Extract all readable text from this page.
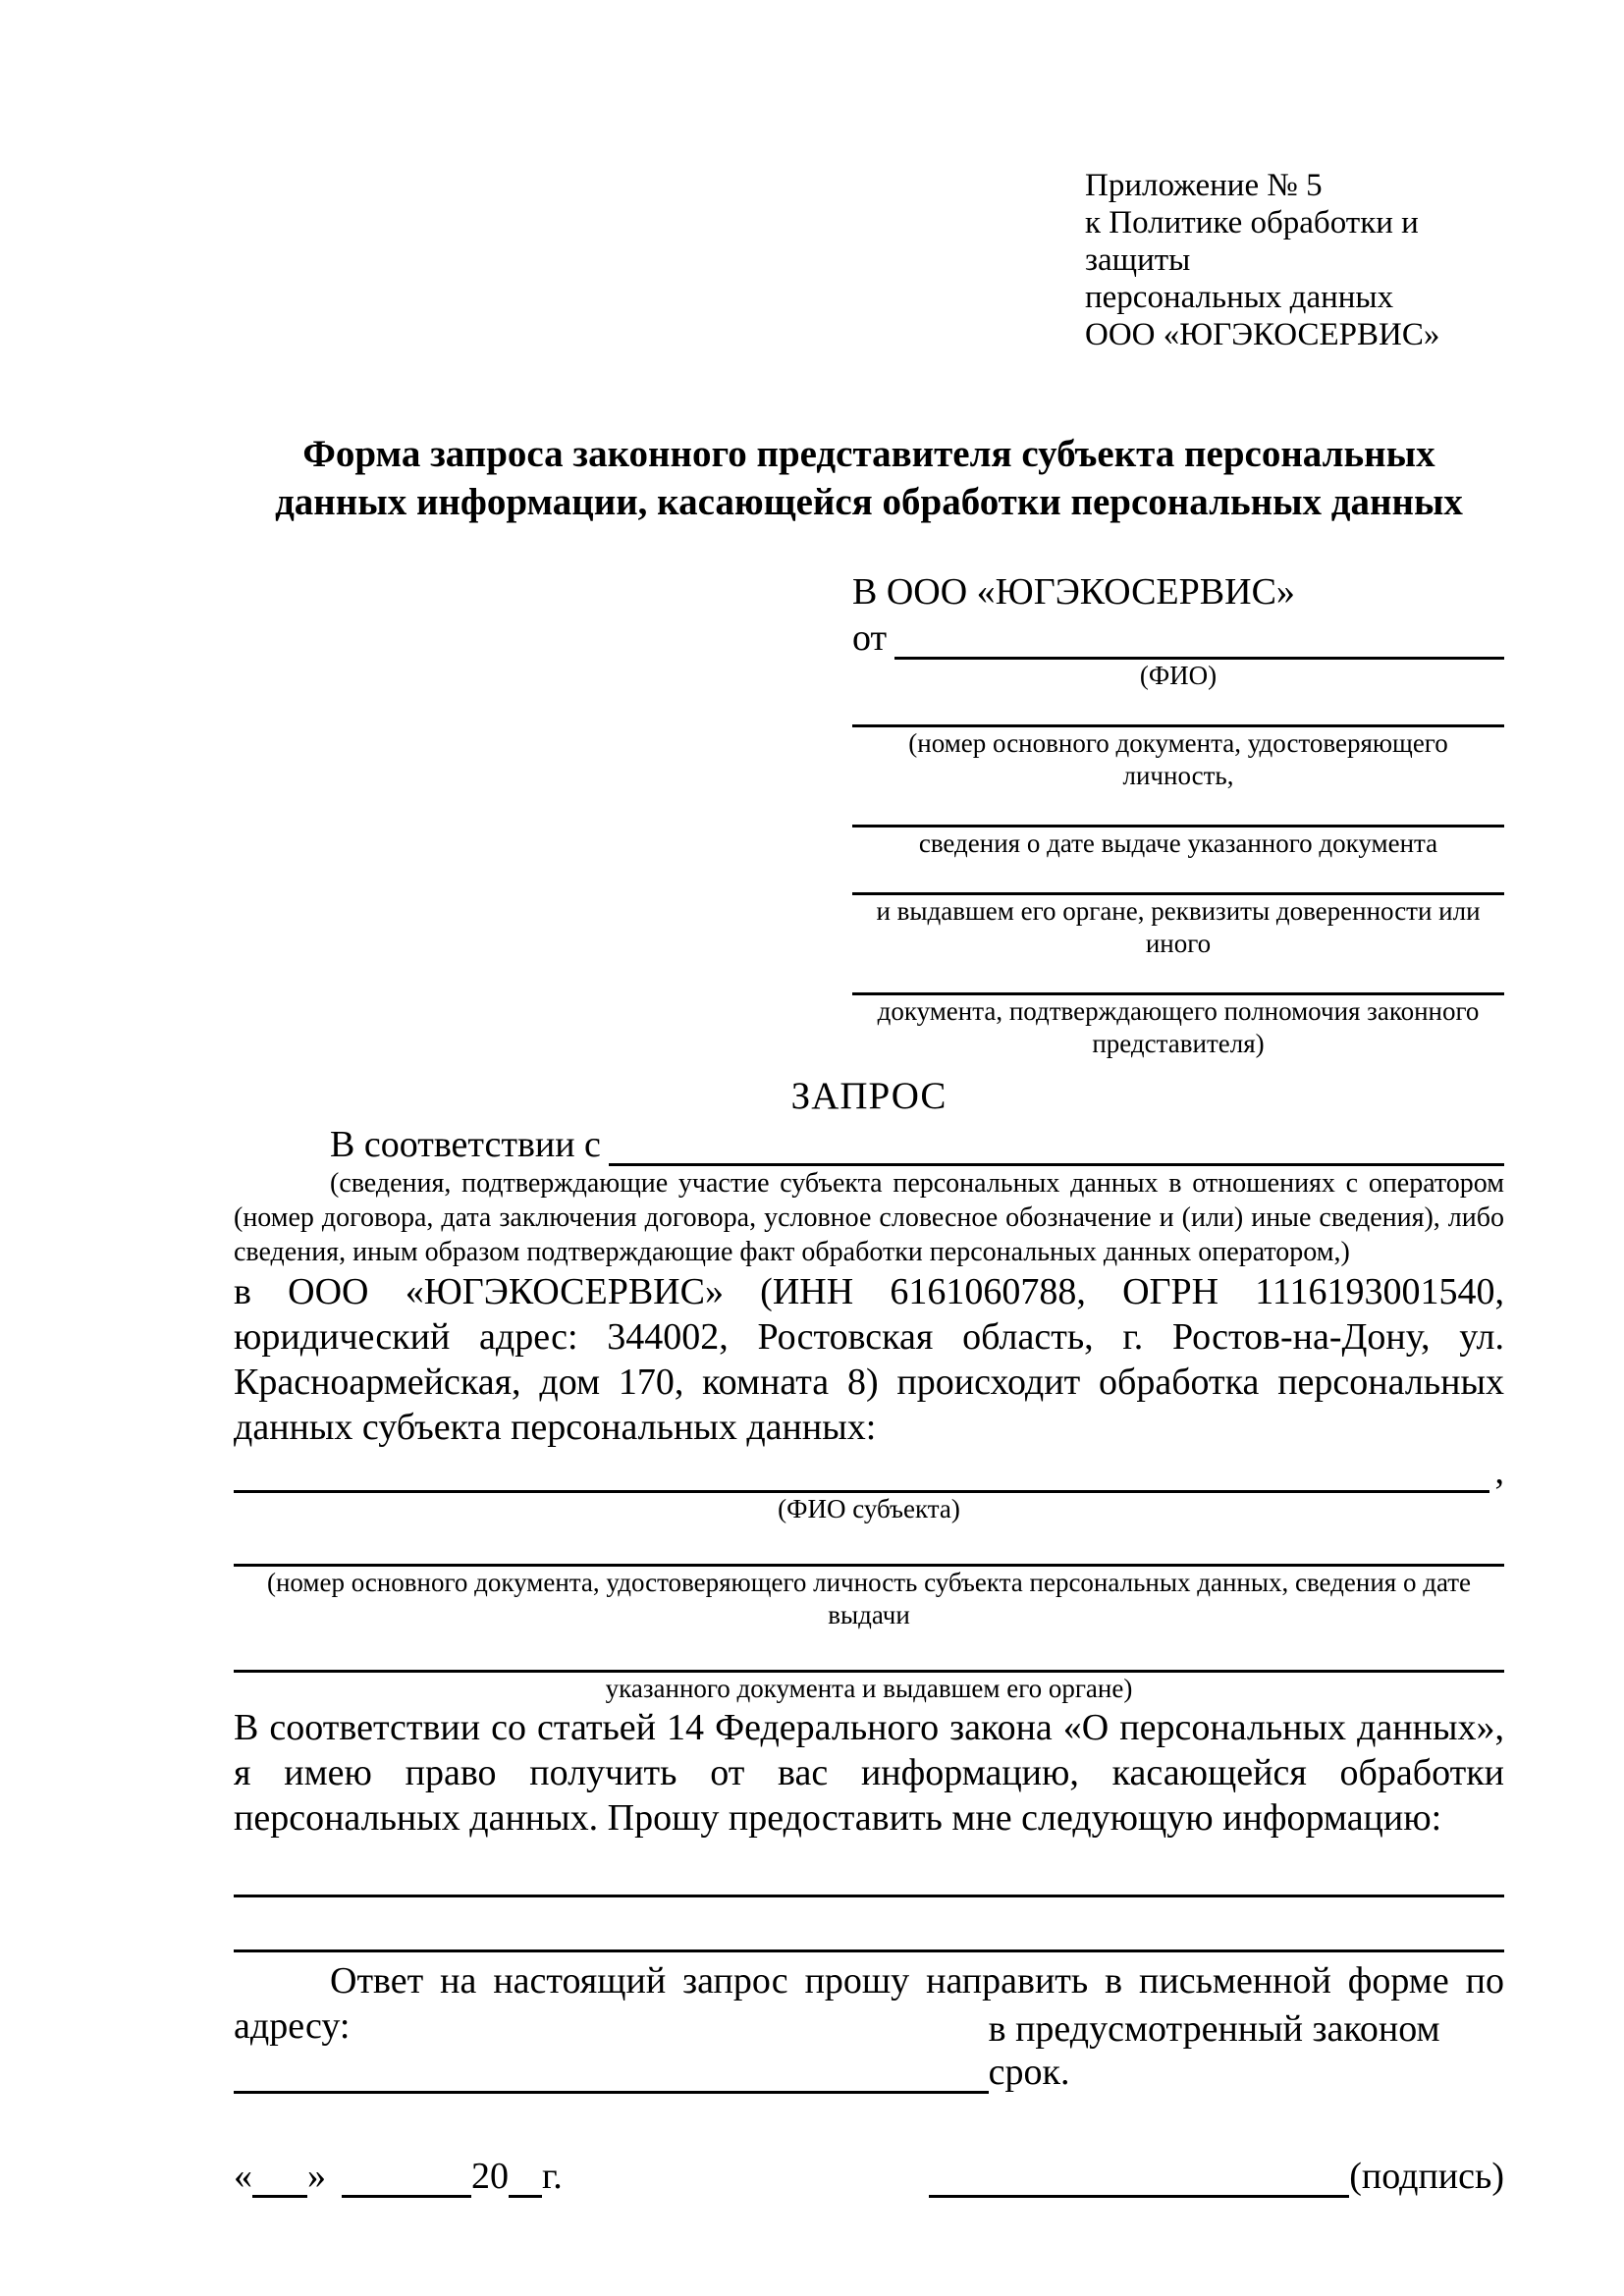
Приложение № 5
к Политике обработки и защиты
персональных данных
ООО «ЮГЭКОСЕРВИС»
Форма запроса законного представителя субъекта персональных данных информации, касающейся обработки персональных данных
В ООО «ЮГЭКОСЕРВИС»
от
(ФИО)
(номер основного документа, удостоверяющего личность,
сведения о дате выдаче указанного документа
и выдавшем его органе, реквизиты доверенности или иного
документа, подтверждающего полномочия законного представителя)
ЗАПРОС
В соответствии с
(сведения, подтверждающие участие субъекта персональных данных в отношениях с оператором (номер договора, дата заключения договора, условное словесное обозначение и (или) иные сведения), либо сведения, иным образом подтверждающие факт обработки персональных данных оператором,)
в ООО «ЮГЭКОСЕРВИС» (ИНН 6161060788, ОГРН 1116193001540, юридический адрес: 344002, Ростовская область, г. Ростов-на-Дону, ул. Красноармейская, дом 170, комната 8) происходит обработка персональных данных субъекта персональных данных:
,
(ФИО субъекта)
(номер основного документа, удостоверяющего личность субъекта персональных данных, сведения о дате выдачи
указанного документа и выдавшем его органе)
В соответствии со статьей 14 Федерального закона «О персональных данных», я имею право получить от вас информацию, касающейся обработки персональных данных. Прошу предоставить мне следующую информацию:
Ответ на настоящий запрос прошу направить в письменной форме по адресу:	в предусмотренный законом срок.
« »	20 г.	(подпись)
